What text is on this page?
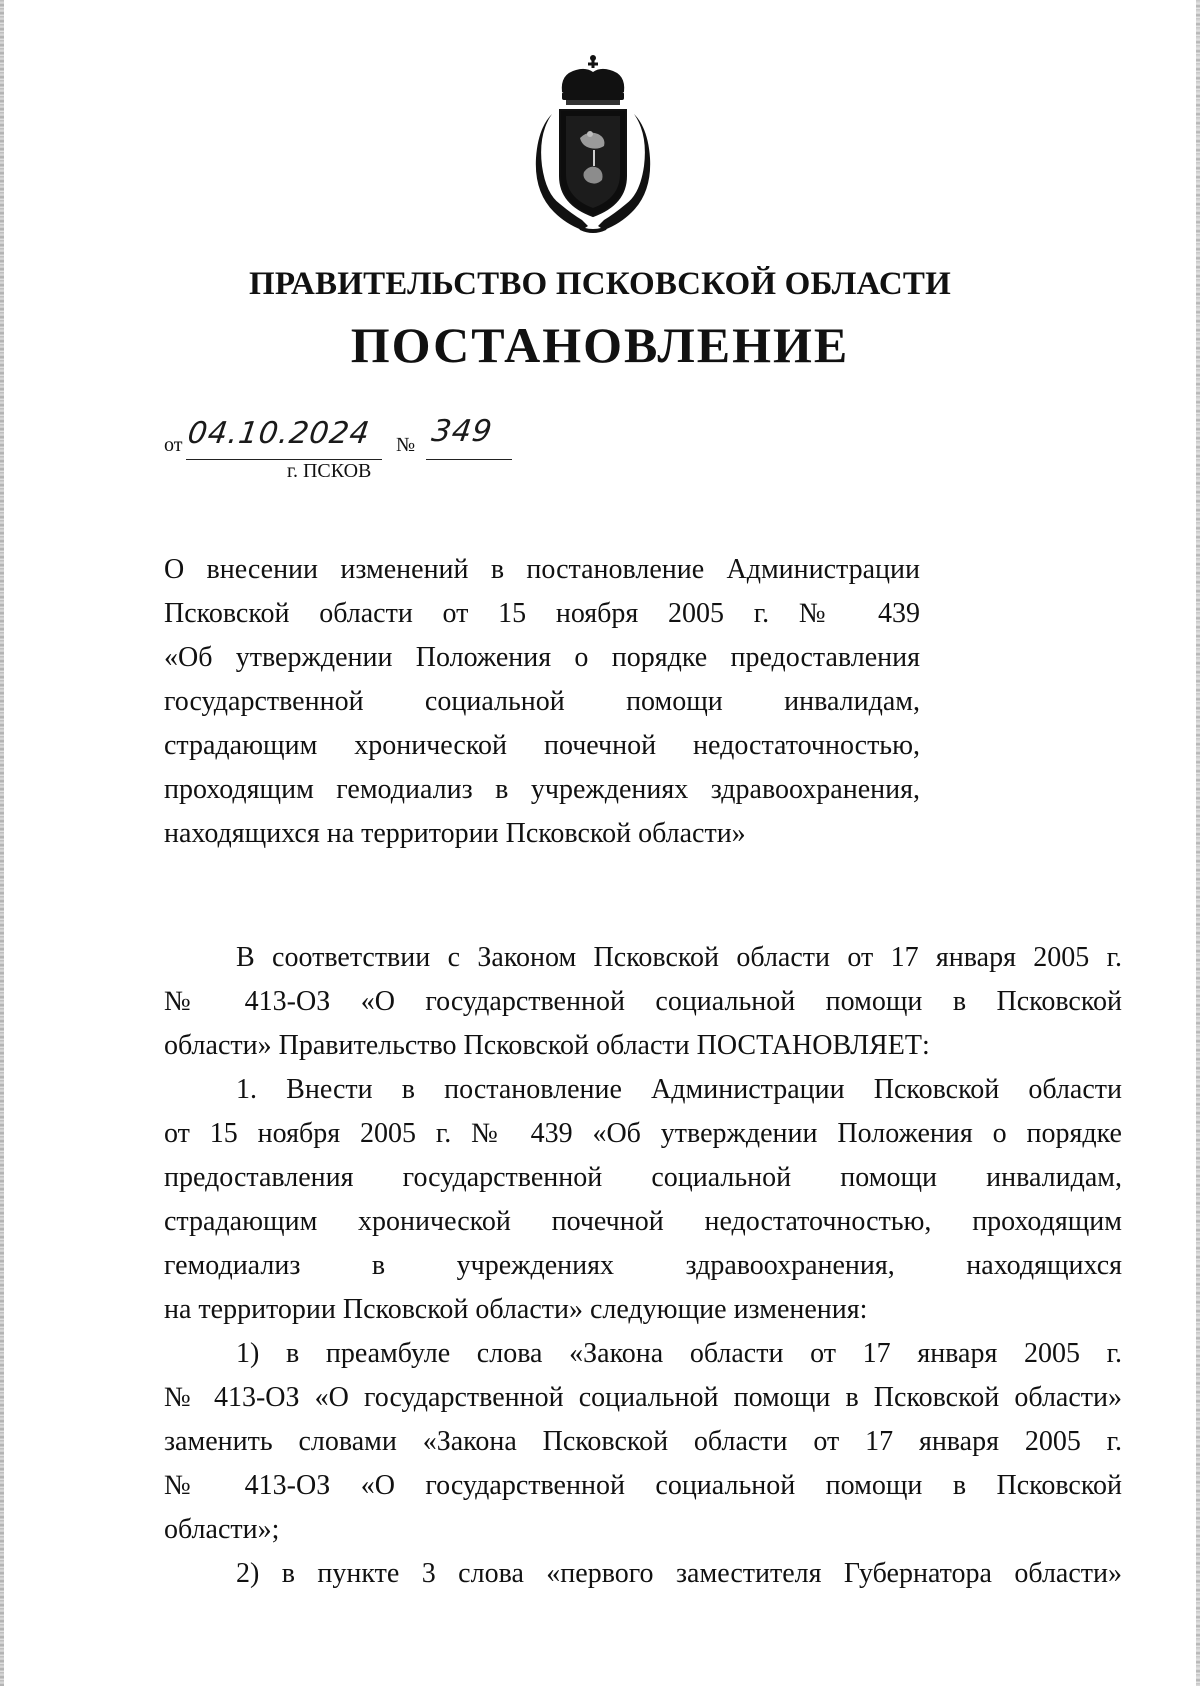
ПРАВИТЕЛЬСТВО ПСКОВСКОЙ ОБЛАСТИ
ПОСТАНОВЛЕНИЕ
от 04.10.2024 № 349
г. ПСКОВ
О внесении изменений в постановление Администрации
Псковской области от 15 ноября 2005 г. № 439
«Об утверждении Положения о порядке предоставления
государственной социальной помощи инвалидам,
страдающим хронической почечной недостаточностью,
проходящим гемодиализ в учреждениях здравоохранения,
находящихся на территории Псковской области»
В соответствии с Законом Псковской области от 17 января 2005 г.
№ 413-ОЗ «О государственной социальной помощи в Псковской
области» Правительство Псковской области ПОСТАНОВЛЯЕТ:
1. Внести в постановление Администрации Псковской области
от 15 ноября 2005 г. № 439 «Об утверждении Положения о порядке
предоставления государственной социальной помощи инвалидам,
страдающим хронической почечной недостаточностью, проходящим
гемодиализ в учреждениях здравоохранения, находящихся
на территории Псковской области» следующие изменения:
1) в преамбуле слова «Закона области от 17 января 2005 г.
№ 413-ОЗ «О государственной социальной помощи в Псковской области»
заменить словами «Закона Псковской области от 17 января 2005 г.
№ 413-ОЗ «О государственной социальной помощи в Псковской
области»;
2) в пункте 3 слова «первого заместителя Губернатора области»
